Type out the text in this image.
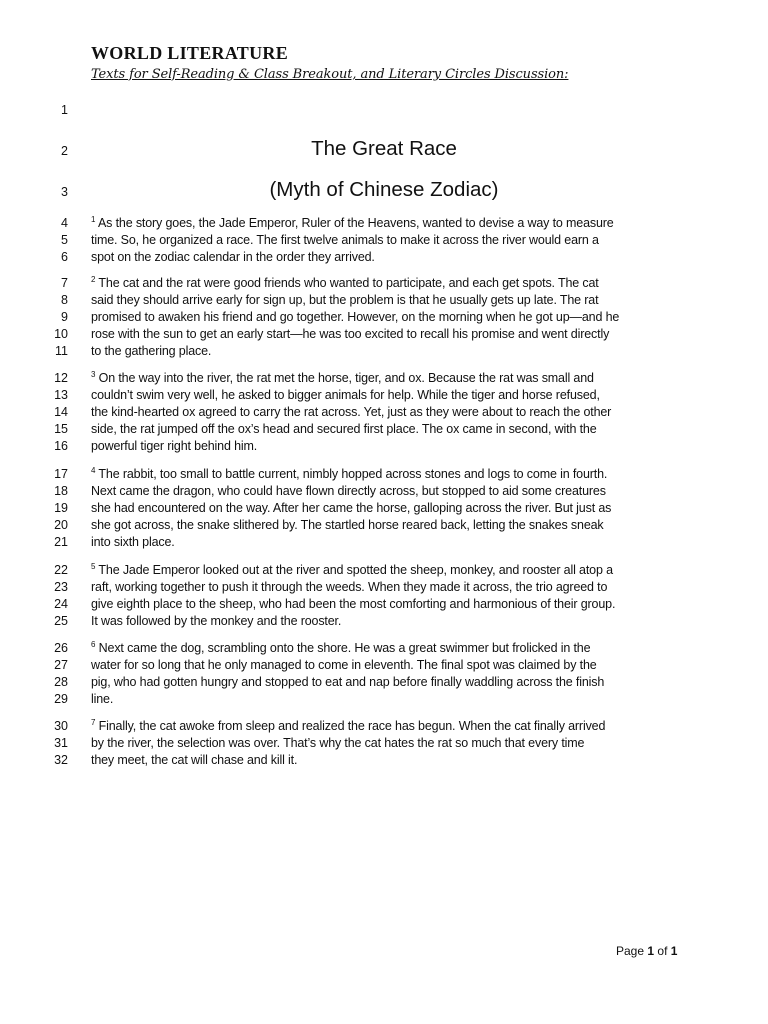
WORLD LITERATURE
Texts for Self-Reading & Class Breakout, and Literary Circles Discussion:
1
2	The Great Race
3	(Myth of Chinese Zodiac)
4
5
6
$^1$ As the story goes, the Jade Emperor, Ruler of the Heavens, wanted to devise a way to measure
time. So, he organized a race. The first twelve animals to make it across the river would earn a
spot on the zodiac calendar in the order they arrived.
7
8
9
10
11
$^2$ The cat and the rat were good friends who wanted to participate, and each get spots. The cat
said they should arrive early for sign up, but the problem is that he usually gets up late. The rat
promised to awaken his friend and go together. However, on the morning when he got up—and he
rose with the sun to get an early start—he was too excited to recall his promise and went directly
to the gathering place.
12
13
14
15
16
$^3$ On the way into the river, the rat met the horse, tiger, and ox. Because the rat was small and
couldn’t swim very well, he asked to bigger animals for help. While the tiger and horse refused,
the kind-hearted ox agreed to carry the rat across. Yet, just as they were about to reach the other
side, the rat jumped off the ox’s head and secured first place. The ox came in second, with the
powerful tiger right behind him.
17
18
19
20
21
$^4$ The rabbit, too small to battle current, nimbly hopped across stones and logs to come in fourth.
Next came the dragon, who could have flown directly across, but stopped to aid some creatures
she had encountered on the way. After her came the horse, galloping across the river. But just as
she got across, the snake slithered by. The startled horse reared back, letting the snakes sneak
into sixth place.
22
23
24
25
$^5$ The Jade Emperor looked out at the river and spotted the sheep, monkey, and rooster all atop a
raft, working together to push it through the weeds. When they made it across, the trio agreed to
give eighth place to the sheep, who had been the most comforting and harmonious of their group.
It was followed by the monkey and the rooster.
26
27
28
29
$^6$ Next came the dog, scrambling onto the shore. He was a great swimmer but frolicked in the
water for so long that he only managed to come in eleventh. The final spot was claimed by the
pig, who had gotten hungry and stopped to eat and nap before finally waddling across the finish
line.
30
31
32
$^7$ Finally, the cat awoke from sleep and realized the race has begun. When the cat finally arrived
by the river, the selection was over. That’s why the cat hates the rat so much that every time
they meet, the cat will chase and kill it.
Page 1 of 1
